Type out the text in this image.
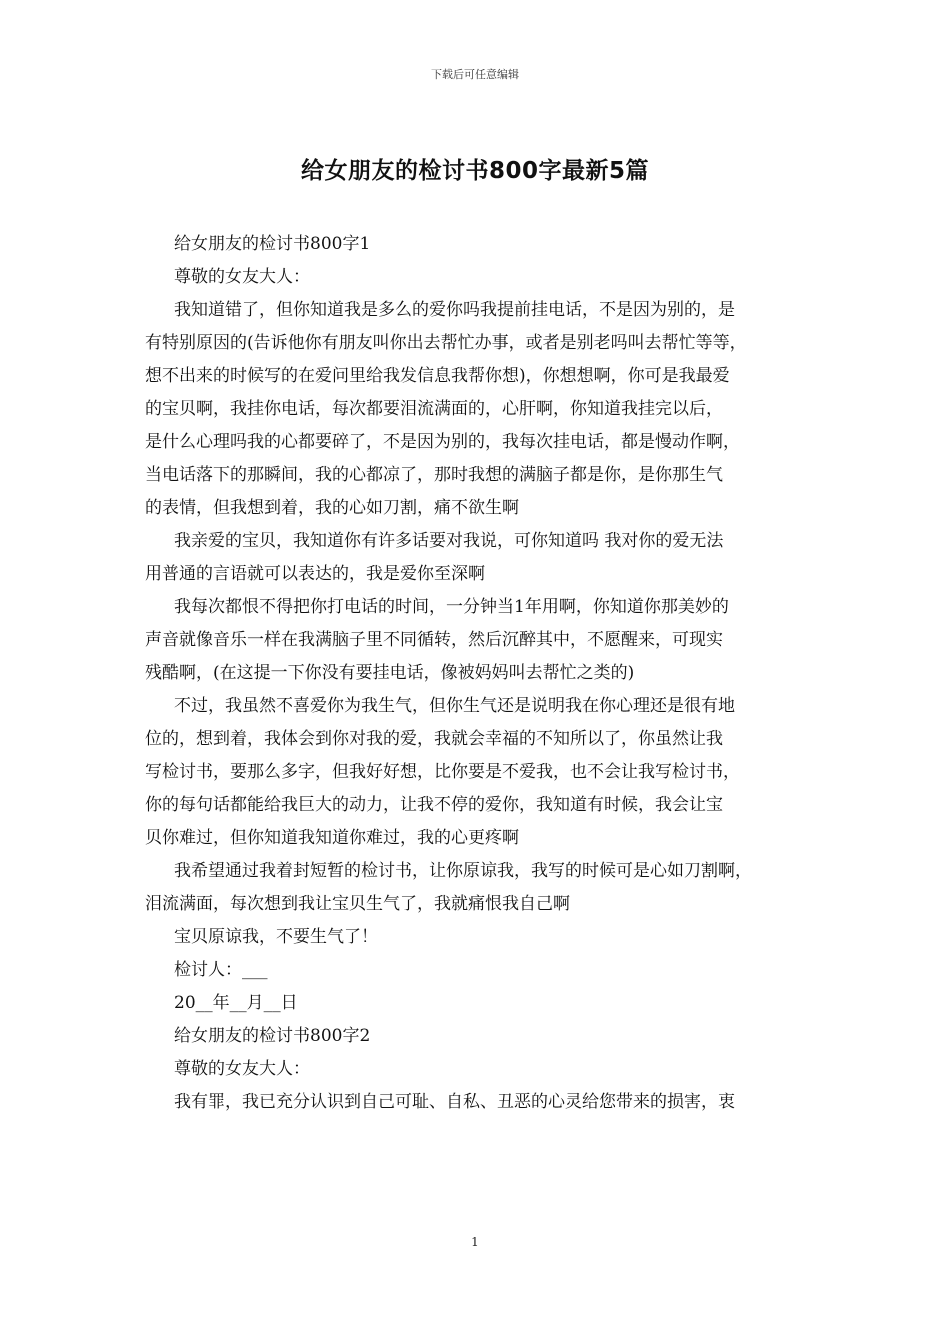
下载后可任意编辑
给女朋友的检讨书800字最新5篇
给女朋友的检讨书800字1
尊敬的女友大人：
我知道错了，但你知道我是多么的爱你吗我提前挂电话，不是因为别的，是
有特别原因的(告诉他你有朋友叫你出去帮忙办事，或者是别老吗叫去帮忙等等，
想不出来的时候写的在爱问里给我发信息我帮你想)，你想想啊，你可是我最爱
的宝贝啊，我挂你电话，每次都要泪流满面的，心肝啊，你知道我挂完以后，
是什么心理吗我的心都要碎了，不是因为别的，我每次挂电话，都是慢动作啊，
当电话落下的那瞬间，我的心都凉了，那时我想的满脑子都是你，是你那生气
的表情，但我想到着，我的心如刀割，痛不欲生啊
我亲爱的宝贝，我知道你有许多话要对我说，可你知道吗 我对你的爱无法
用普通的言语就可以表达的，我是爱你至深啊
我每次都恨不得把你打电话的时间，一分钟当1年用啊，你知道你那美妙的
声音就像音乐一样在我满脑子里不同循转，然后沉醉其中，不愿醒来，可现实
残酷啊，(在这提一下你没有要挂电话，像被妈妈叫去帮忙之类的)
不过，我虽然不喜爱你为我生气，但你生气还是说明我在你心理还是很有地
位的，想到着，我体会到你对我的爱，我就会幸福的不知所以了，你虽然让我
写检讨书，要那么多字，但我好好想，比你要是不爱我，也不会让我写检讨书，
你的每句话都能给我巨大的动力，让我不停的爱你，我知道有时候，我会让宝
贝你难过，但你知道我知道你难过，我的心更疼啊
我希望通过我着封短暂的检讨书，让你原谅我，我写的时候可是心如刀割啊，
泪流满面，每次想到我让宝贝生气了，我就痛恨我自己啊
宝贝原谅我，不要生气了！
检讨人：___
20__年__月__日
给女朋友的检讨书800字2
尊敬的女友大人：
我有罪，我已充分认识到自己可耻、自私、丑恶的心灵给您带来的损害，衷
1
